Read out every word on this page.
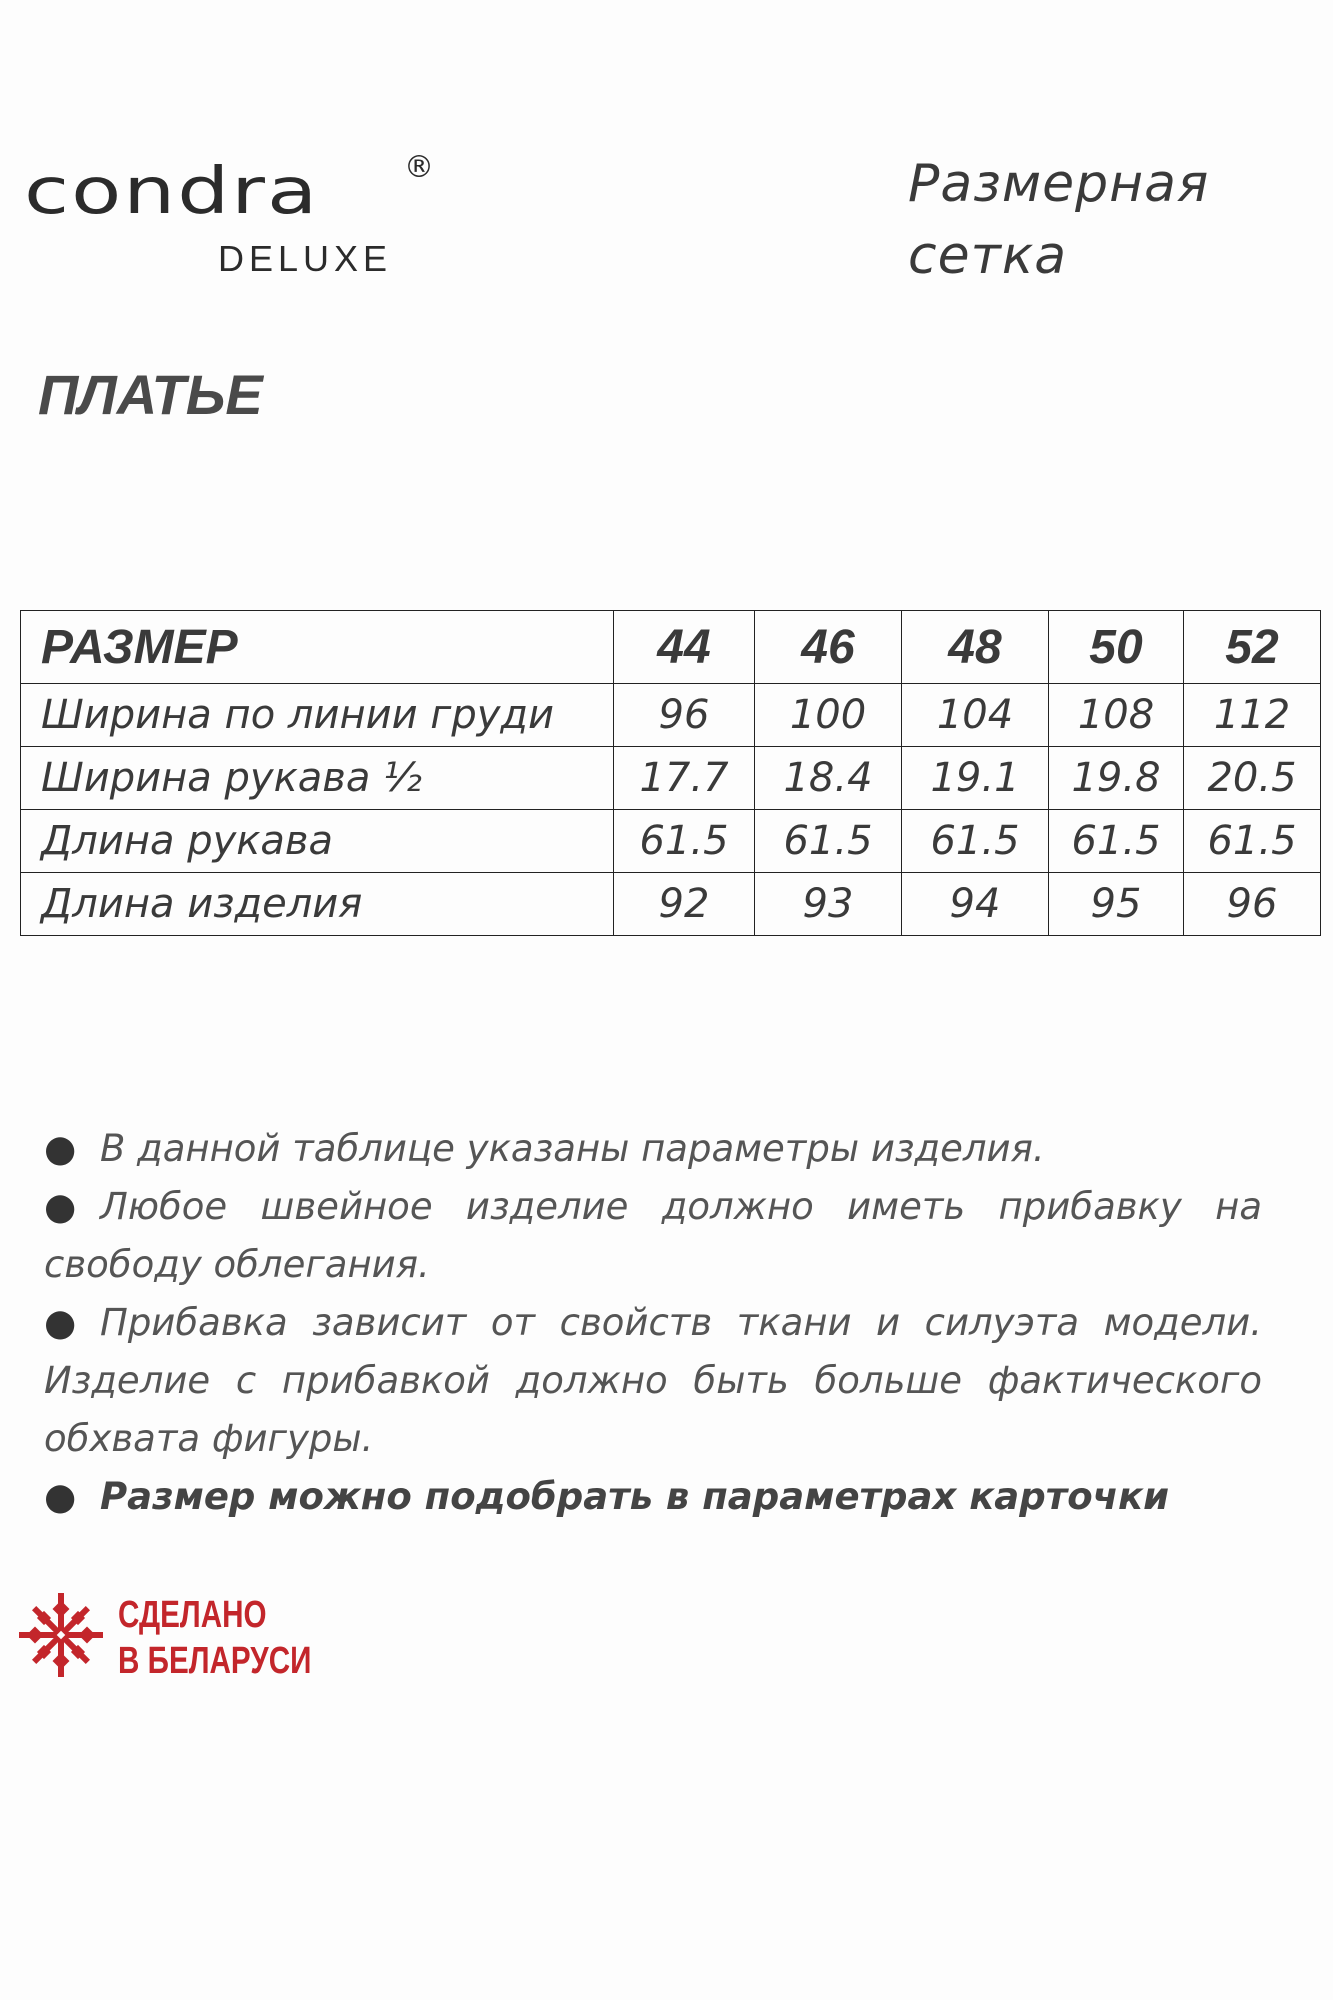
condra	®
DELUXE
Размерная
сетка
ПЛАТЬЕ
РАЗМЕР	44	46	48	50	52
Ширина по линии груди	96	100	104	108	112
Ширина рукава ½	17.7	18.4	19.1	19.8	20.5
Длина рукава	61.5	61.5	61.5	61.5	61.5
Длина изделия	92	93	94	95	96

● В данной таблице указаны параметры изделия.

● Любое швейное изделие должно иметь прибавку на свободу облегания.

● Прибавка зависит от свойств ткани и силуэта модели. Изделие с прибавкой должно быть больше фактического обхвата фигуры.

● Размер можно подобрать в параметрах карточки

СДЕЛАНО
В БЕЛАРУСИ
